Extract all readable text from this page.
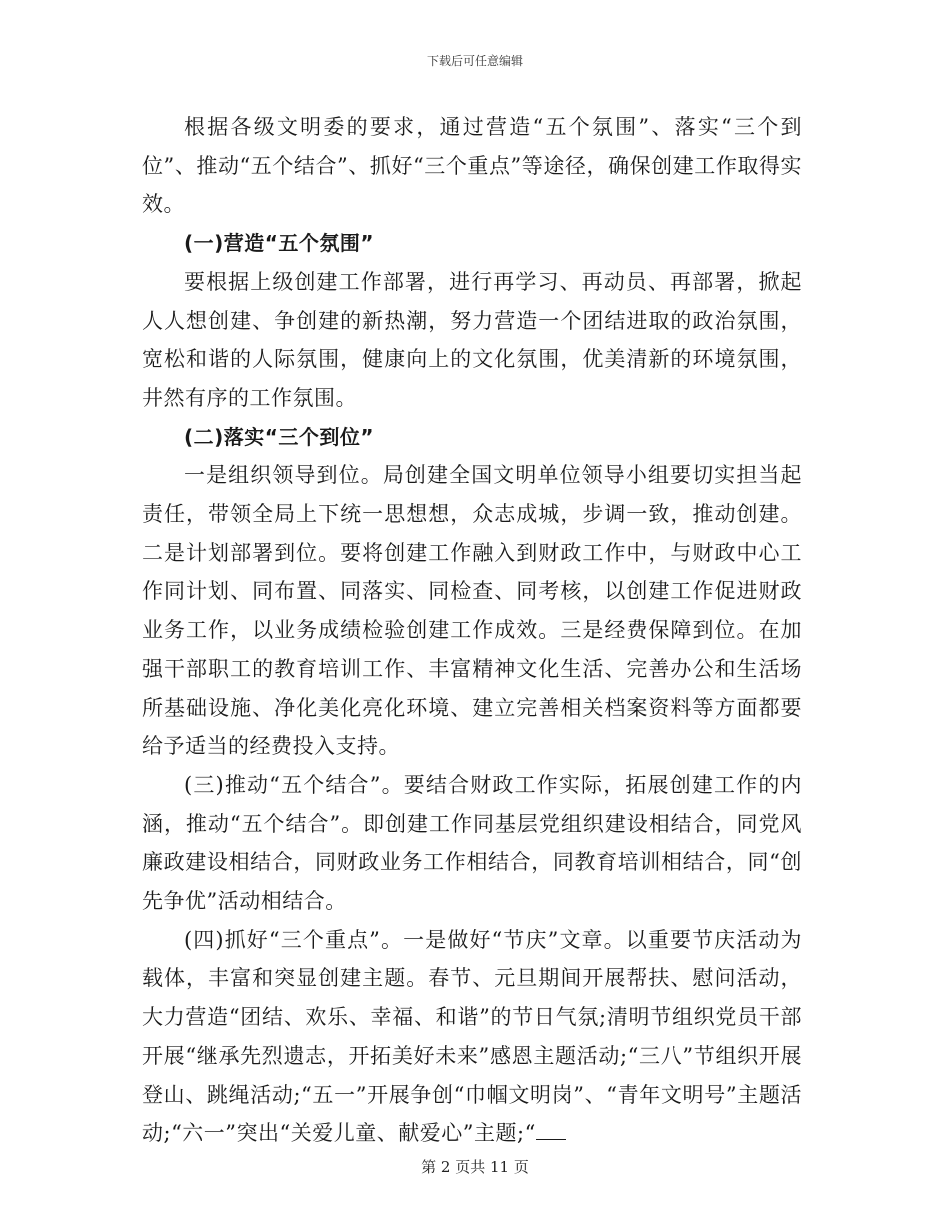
下载后可任意编辑

根据各级文明委的要求，通过营造“五个氛围”、落实“三个到位”、推动“五个结合”、抓好“三个重点”等途径，确保创建工作取得实效。

(一)营造“五个氛围”

要根据上级创建工作部署，进行再学习、再动员、再部署，掀起人人想创建、争创建的新热潮，努力营造一个团结进取的政治氛围，宽松和谐的人际氛围，健康向上的文化氛围，优美清新的环境氛围，井然有序的工作氛围。

(二)落实“三个到位”

一是组织领导到位。局创建全国文明单位领导小组要切实担当起责任，带领全局上下统一思想想，众志成城，步调一致，推动创建。二是计划部署到位。要将创建工作融入到财政工作中，与财政中心工作同计划、同布置、同落实、同检查、同考核，以创建工作促进财政业务工作，以业务成绩检验创建工作成效。三是经费保障到位。在加强干部职工的教育培训工作、丰富精神文化生活、完善办公和生活场所基础设施、净化美化亮化环境、建立完善相关档案资料等方面都要给予适当的经费投入支持。

(三)推动“五个结合”。要结合财政工作实际，拓展创建工作的内涵，推动“五个结合”。即创建工作同基层党组织建设相结合，同党风廉政建设相结合，同财政业务工作相结合，同教育培训相结合，同“创先争优”活动相结合。

(四)抓好“三个重点”。一是做好“节庆”文章。以重要节庆活动为载体，丰富和突显创建主题。春节、元旦期间开展帮扶、慰问活动，大力营造“团结、欢乐、幸福、和谐”的节日气氛;清明节组织党员干部开展“继承先烈遗志，开拓美好未来”感恩主题活动;“三八”节组织开展登山、跳绳活动;“五一”开展争创“巾帼文明岗”、“青年文明号”主题活动;“六一”突出“关爱儿童、献爱心”主题;“

第 2 页共 11 页
